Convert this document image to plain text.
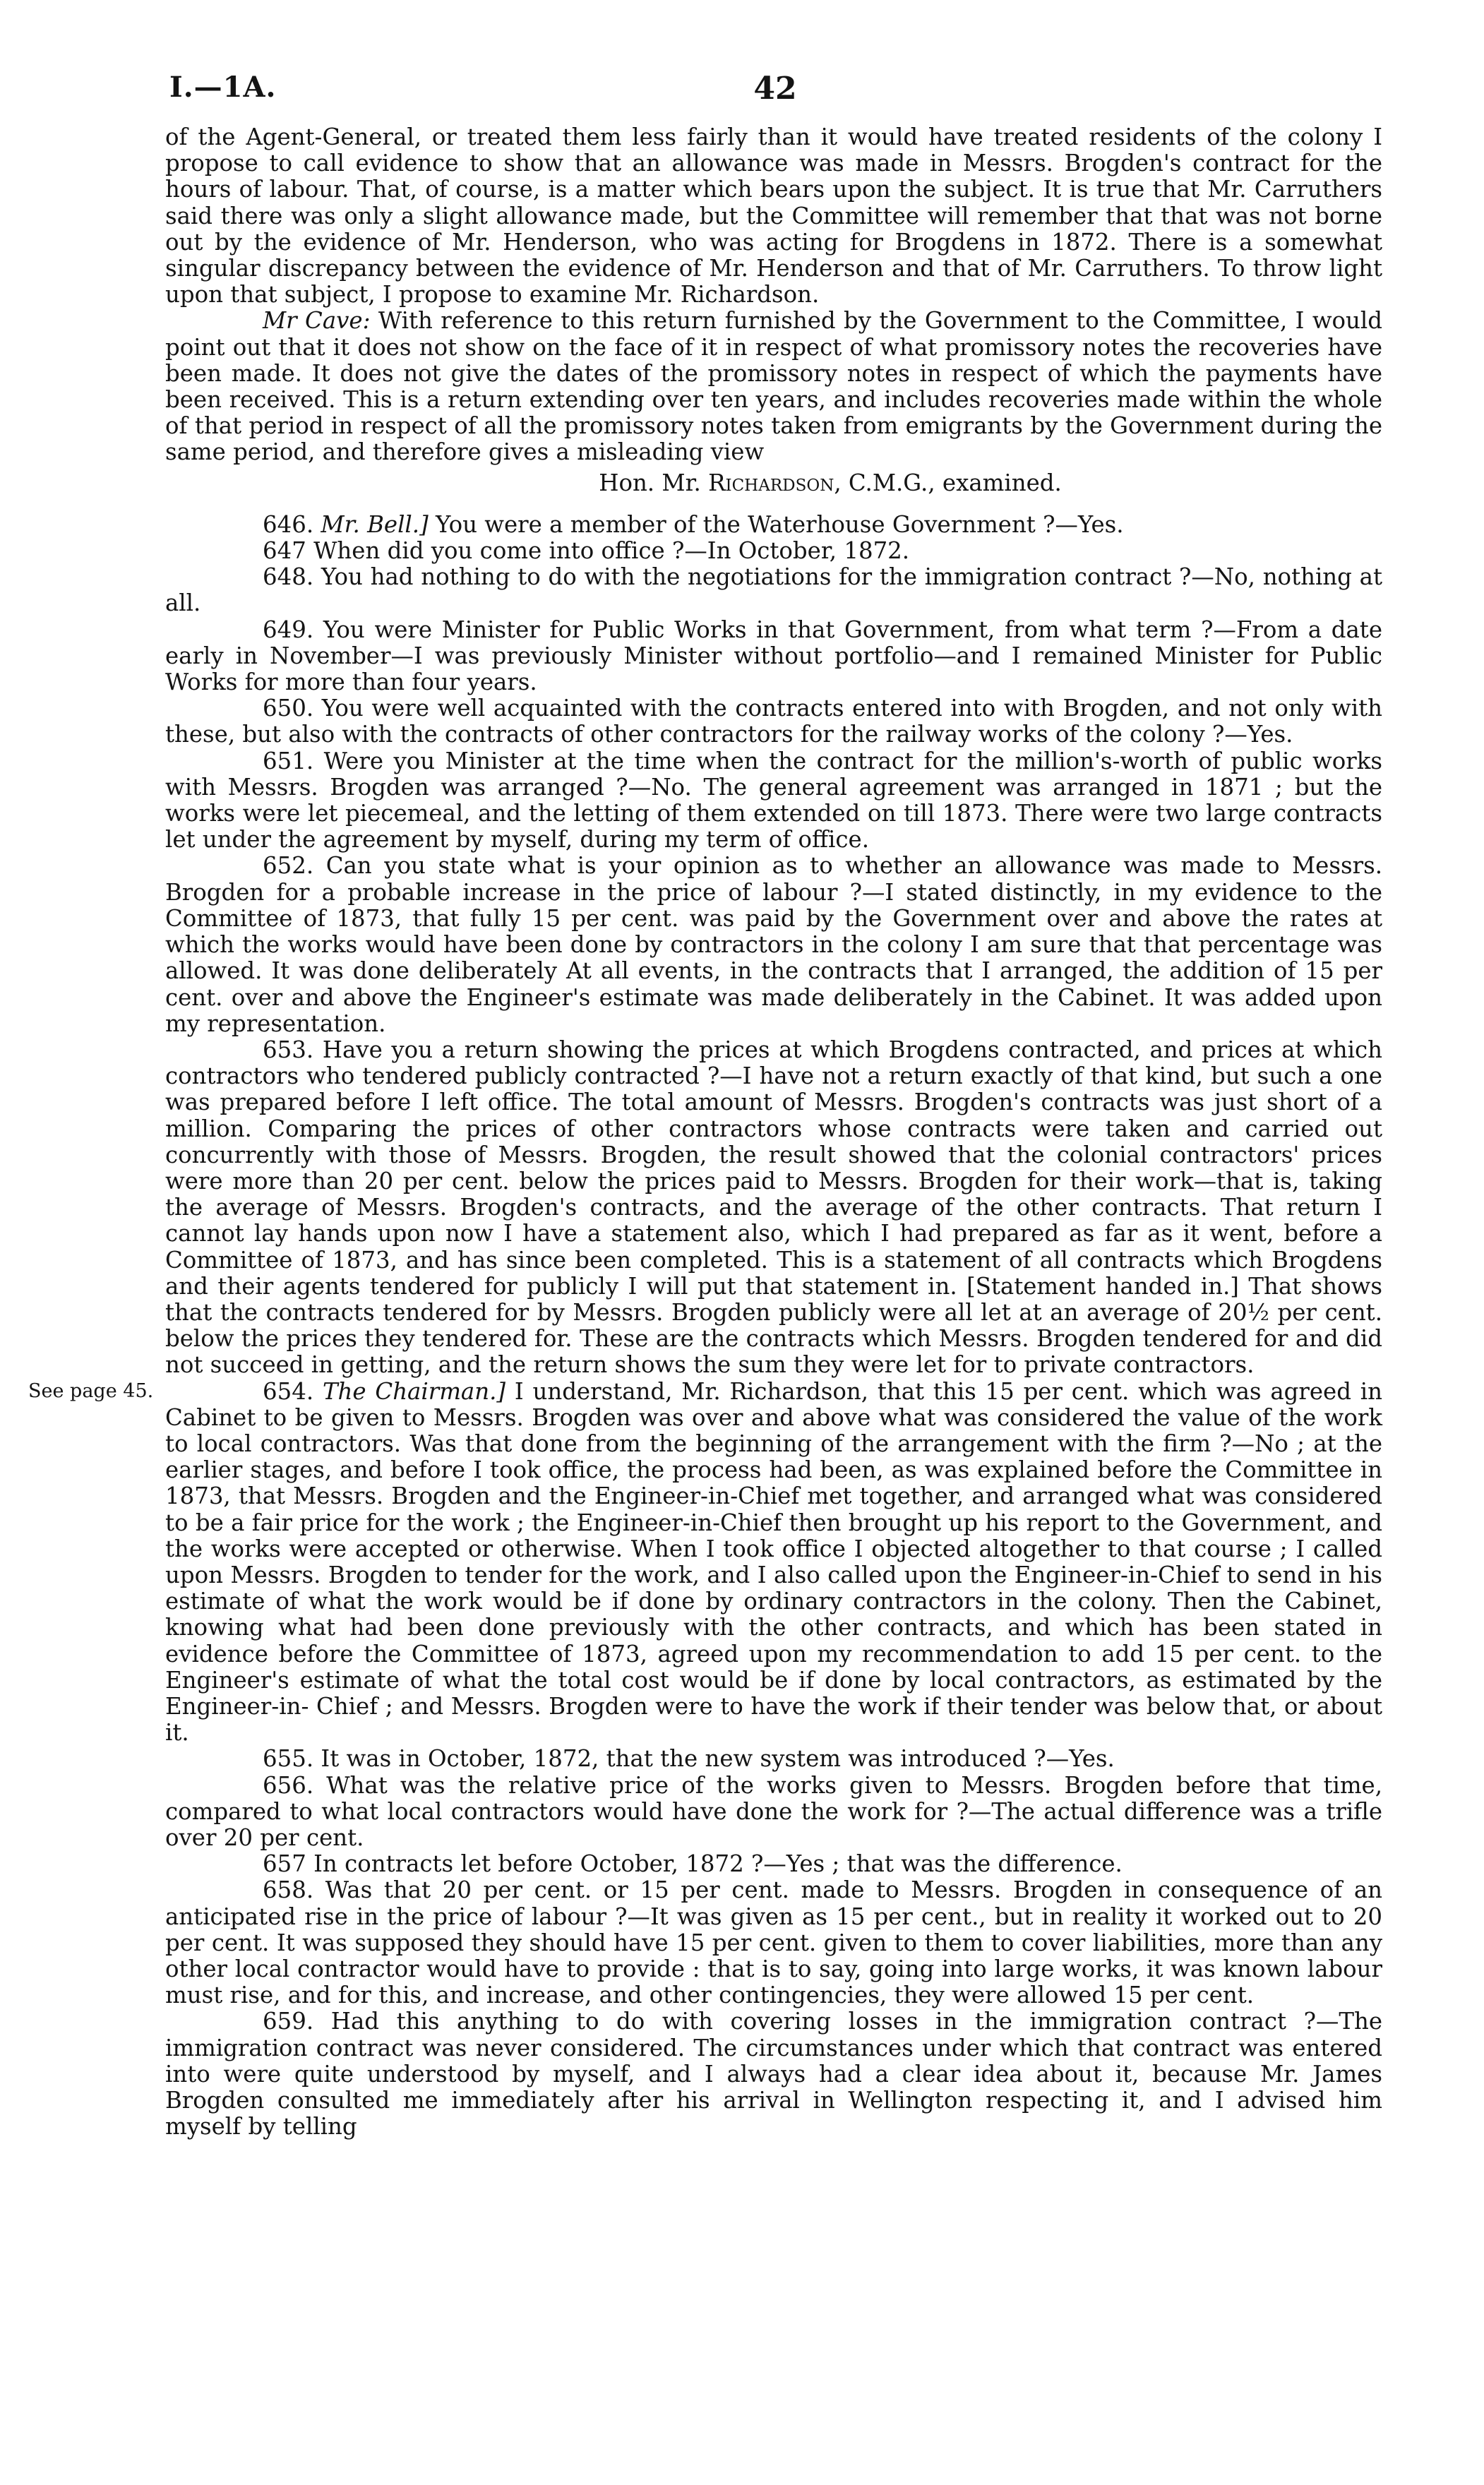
I.—1A.	42
See page 45.

of the Agent-General, or treated them less fairly than it would have treated residents of the colony I propose to call evidence to show that an allowance was made in Messrs. Brogden's contract for the hours of labour. That, of course, is a matter which bears upon the subject. It is true that Mr. Carruthers said there was only a slight allowance made, but the Committee will remember that that was not borne out by the evidence of Mr. Henderson, who was acting for Brogdens in 1872. There is a somewhat singular discrepancy between the evidence of Mr. Henderson and that of Mr. Carruthers. To throw light upon that subject, I propose to examine Mr. Richardson.

Mr Cave: With reference to this return furnished by the Government to the Committee, I would point out that it does not show on the face of it in respect of what promissory notes the recoveries have been made. It does not give the dates of the promissory notes in respect of which the payments have been received. This is a return extending over ten years, and includes recoveries made within the whole of that period in respect of all the promissory notes taken from emigrants by the Government during the same period, and therefore gives a misleading view

Hon. Mr. Richardson, C.M.G., examined.

646. Mr. Bell.] You were a member of the Waterhouse Government ?—Yes.

647 When did you come into office ?—In October, 1872.

648. You had nothing to do with the negotiations for the immigration contract ?—No, nothing at all.

649. You were Minister for Public Works in that Government, from what term ?—From a date early in November—I was previously Minister without portfolio—and I remained Minister for Public Works for more than four years.

650. You were well acquainted with the contracts entered into with Brogden, and not only with these, but also with the contracts of other contractors for the railway works of the colony ?—Yes.

651. Were you Minister at the time when the contract for the million's-worth of public works with Messrs. Brogden was arranged ?—No. The general agreement was arranged in 1871 ; but the works were let piecemeal, and the letting of them extended on till 1873. There were two large contracts let under the agreement by myself, during my term of office.

652. Can you state what is your opinion as to whether an allowance was made to Messrs. Brogden for a probable increase in the price of labour ?—I stated distinctly, in my evidence to the Committee of 1873, that fully 15 per cent. was paid by the Government over and above the rates at which the works would have been done by contractors in the colony I am sure that that percentage was allowed. It was done deliberately At all events, in the contracts that I arranged, the addition of 15 per cent. over and above the Engineer's estimate was made deliberately in the Cabinet. It was added upon my representation.

653. Have you a return showing the prices at which Brogdens contracted, and prices at which contractors who tendered publicly contracted ?—I have not a return exactly of that kind, but such a one was prepared before I left office. The total amount of Messrs. Brogden's contracts was just short of a million. Comparing the prices of other contractors whose contracts were taken and carried out concurrently with those of Messrs. Brogden, the result showed that the colonial contractors' prices were more than 20 per cent. below the prices paid to Messrs. Brogden for their work—that is, taking the average of Messrs. Brogden's contracts, and the average of the other contracts. That return I cannot lay hands upon now I have a statement also, which I had prepared as far as it went, before a Committee of 1873, and has since been completed. This is a statement of all contracts which Brogdens and their agents tendered for publicly I will put that statement in. [Statement handed in.] That shows that the contracts tendered for by Messrs. Brogden publicly were all let at an average of 20½ per cent. below the prices they tendered for. These are the contracts which Messrs. Brogden tendered for and did not succeed in getting, and the return shows the sum they were let for to private contractors.

654. The Chairman.] I understand, Mr. Richardson, that this 15 per cent. which was agreed in Cabinet to be given to Messrs. Brogden was over and above what was considered the value of the work to local contractors. Was that done from the beginning of the arrangement with the firm ?—No ; at the earlier stages, and before I took office, the process had been, as was explained before the Committee in 1873, that Messrs. Brogden and the Engineer-in-Chief met together, and arranged what was considered to be a fair price for the work ; the Engineer-in-Chief then brought up his report to the Government, and the works were accepted or otherwise. When I took office I objected altogether to that course ; I called upon Messrs. Brogden to tender for the work, and I also called upon the Engineer-in-Chief to send in his estimate of what the work would be if done by ordinary contractors in the colony. Then the Cabinet, knowing what had been done previously with the other contracts, and which has been stated in evidence before the Committee of 1873, agreed upon my recommendation to add 15 per cent. to the Engineer's estimate of what the total cost would be if done by local contractors, as estimated by the Engineer-in- Chief ; and Messrs. Brogden were to have the work if their tender was below that, or about it.

655. It was in October, 1872, that the new system was introduced ?—Yes.

656. What was the relative price of the works given to Messrs. Brogden before that time, compared to what local contractors would have done the work for ?—The actual difference was a trifle over 20 per cent.

657 In contracts let before October, 1872 ?—Yes ; that was the difference.

658. Was that 20 per cent. or 15 per cent. made to Messrs. Brogden in consequence of an anticipated rise in the price of labour ?—It was given as 15 per cent., but in reality it worked out to 20 per cent. It was supposed they should have 15 per cent. given to them to cover liabilities, more than any other local contractor would have to provide : that is to say, going into large works, it was known labour must rise, and for this, and increase, and other contingencies, they were allowed 15 per cent.

659. Had this anything to do with covering losses in the immigration contract ?—The immigration contract was never considered. The circumstances under which that contract was entered into were quite understood by myself, and I always had a clear idea about it, because Mr. James Brogden consulted me immediately after his arrival in Wellington respecting it, and I advised him myself by telling
